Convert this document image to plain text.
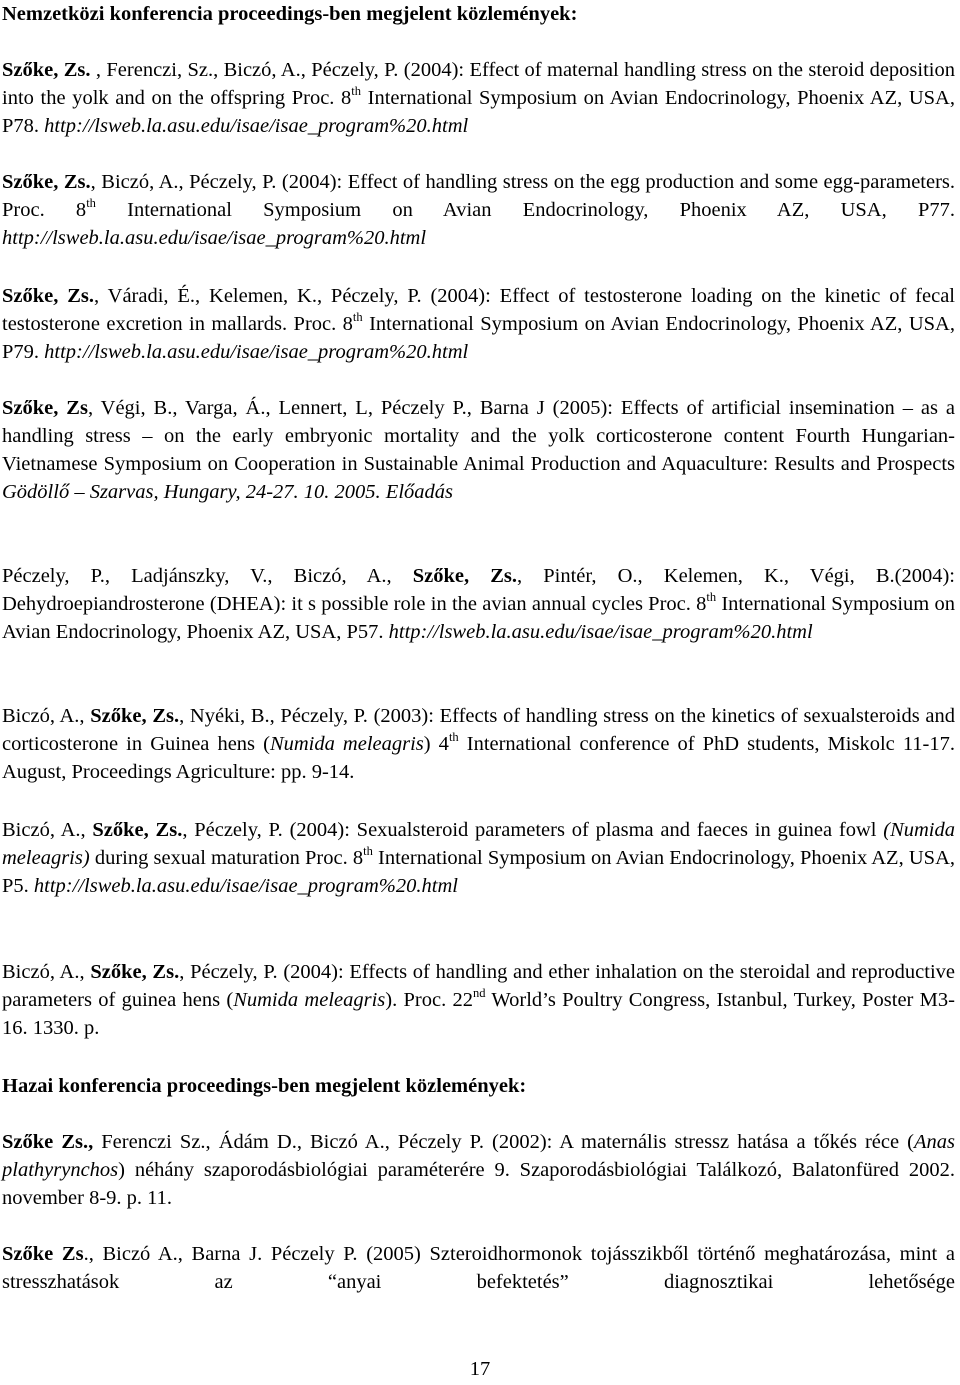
Nemzetközi konferencia proceedings-ben megjelent közlemények:

Szőke, Zs. , Ferenczi, Sz., Biczó, A., Péczely, P. (2004): Effect of maternal handling stress on the steroid deposition into the yolk and on the offspring Proc. 8th International Symposium on Avian Endocrinology, Phoenix AZ, USA, P78. http://lsweb.la.asu.edu/isae/isae_program%20.html

Szőke, Zs., Biczó, A., Péczely, P. (2004): Effect of handling stress on the egg production and some egg-parameters. Proc. 8th International Symposium on Avian Endocrinology, Phoenix AZ, USA, P77. http://lsweb.la.asu.edu/isae/isae_program%20.html

Szőke, Zs., Váradi, É., Kelemen, K., Péczely, P. (2004): Effect of testosterone loading on the kinetic of fecal testosterone excretion in mallards. Proc. 8th International Symposium on Avian Endocrinology, Phoenix AZ, USA, P79. http://lsweb.la.asu.edu/isae/isae_program%20.html

Szőke, Zs, Végi, B., Varga, Á., Lennert, L, Péczely P., Barna J (2005): Effects of artificial insemination – as a handling stress – on the early embryonic mortality and the yolk corticosterone content Fourth Hungarian-Vietnamese Symposium on Cooperation in Sustainable Animal Production and Aquaculture: Results and Prospects Gödöllő – Szarvas, Hungary, 24-27. 10. 2005. Előadás

Péczely, P., Ladjánszky, V., Biczó, A., Szőke, Zs., Pintér, O., Kelemen, K., Végi, B.(2004): Dehydroepiandrosterone (DHEA): it s possible role in the avian annual cycles Proc. 8th International Symposium on Avian Endocrinology, Phoenix AZ, USA, P57. http://lsweb.la.asu.edu/isae/isae_program%20.html

Biczó, A., Szőke, Zs., Nyéki, B., Péczely, P. (2003): Effects of handling stress on the kinetics of sexualsteroids and corticosterone in Guinea hens (Numida meleagris) 4th International conference of PhD students, Miskolc 11-17. August, Proceedings Agriculture: pp. 9-14.

Biczó, A., Szőke, Zs., Péczely, P. (2004): Sexualsteroid parameters of plasma and faeces in guinea fowl (Numida meleagris) during sexual maturation Proc. 8th International Symposium on Avian Endocrinology, Phoenix AZ, USA, P5. http://lsweb.la.asu.edu/isae/isae_program%20.html

Biczó, A., Szőke, Zs., Péczely, P. (2004): Effects of handling and ether inhalation on the steroidal and reproductive parameters of guinea hens (Numida meleagris). Proc. 22nd World’s Poultry Congress, Istanbul, Turkey, Poster M3-16. 1330. p.

Hazai konferencia proceedings-ben megjelent közlemények:

Szőke Zs., Ferenczi Sz., Ádám D., Biczó A., Péczely P. (2002): A maternális stressz hatása a tőkés réce (Anas plathyrynchos) néhány szaporodásbiológiai paraméterére 9. Szaporodásbiológiai Találkozó, Balatonfüred 2002. november 8-9. p. 11.

Szőke Zs., Biczó A., Barna J. Péczely P. (2005) Szteroidhormonok tojásszikből történő meghatározása, mint a stresszhatások az “anyai befektetés” diagnosztikai lehetősége

17
